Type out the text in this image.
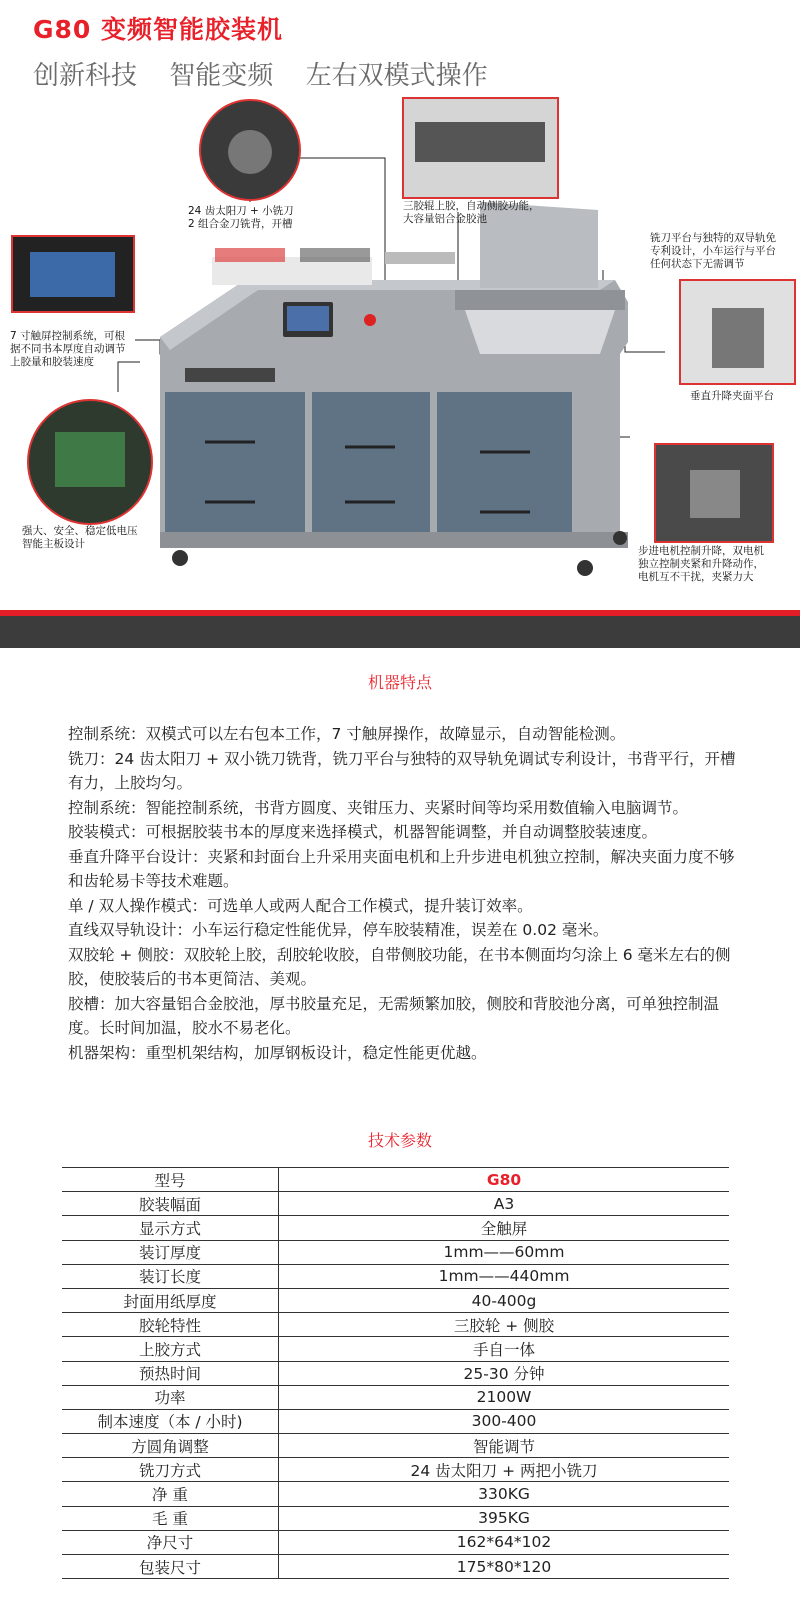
G80 变频智能胶装机
创新科技 智能变频 左右双模式操作
24 齿太阳刀 + 小铣刀
2 组合金刀铣背，开槽
三胶辊上胶，自动侧胶功能，
大容量铝合金胶池
铣刀平台与独特的双导轨免
专利设计，小车运行与平台
任何状态下无需调节
7 寸触屏控制系统，可根
据不同书本厚度自动调节
上胶量和胶装速度
垂直升降夹面平台
强大、安全、稳定低电压
智能主板设计
步进电机控制升降，双电机
独立控制夹紧和升降动作，
电机互不干扰，夹紧力大
机器特点

控制系统：双模式可以左右包本工作，7 寸触屏操作，故障显示，自动智能检测。

铣刀：24 齿太阳刀 + 双小铣刀铣背，铣刀平台与独特的双导轨免调试专利设计，书背平行，开槽有力，上胶均匀。

控制系统：智能控制系统，书背方圆度、夹钳压力、夹紧时间等均采用数值输入电脑调节。

胶装模式：可根据胶装书本的厚度来选择模式，机器智能调整，并自动调整胶装速度。

垂直升降平台设计：夹紧和封面台上升采用夹面电机和上升步进电机独立控制，解决夹面力度不够和齿轮易卡等技术难题。

单 / 双人操作模式：可选单人或两人配合工作模式，提升装订效率。

直线双导轨设计：小车运行稳定性能优异，停车胶装精准，误差在 0.02 毫米。

双胶轮 + 侧胶：双胶轮上胶，刮胶轮收胶，自带侧胶功能，在书本侧面均匀涂上 6 毫米左右的侧胶，使胶装后的书本更简洁、美观。

胶槽：加大容量铝合金胶池，厚书胶量充足，无需频繁加胶，侧胶和背胶池分离，可单独控制温度。长时间加温，胶水不易老化。

机器架构：重型机架结构，加厚钢板设计，稳定性能更优越。

技术参数
型号	G80
胶装幅面	A3
显示方式	全触屏
装订厚度	1mm——60mm
装订长度	1mm——440mm
封面用纸厚度	40-400g
胶轮特性	三胶轮 + 侧胶
上胶方式	手自一体
预热时间	25-30 分钟
功率	2100W
制本速度（本 / 小时)	300-400
方圆角调整	智能调节
铣刀方式	24 齿太阳刀 + 两把小铣刀
净 重	330KG
毛 重	395KG
净尺寸	162*64*102
包装尺寸	175*80*120
